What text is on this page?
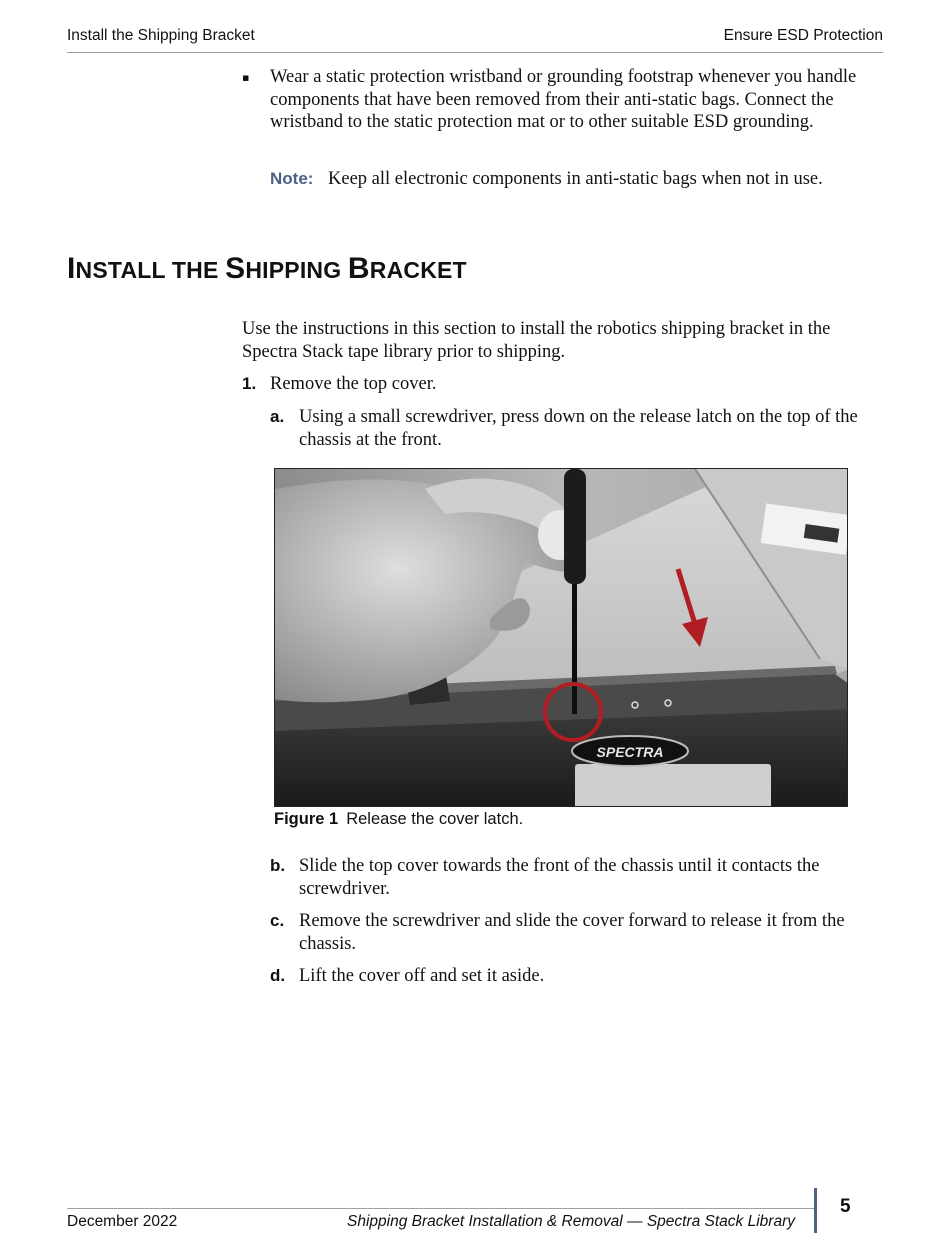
Install the Shipping Bracket	Ensure ESD Protection
▪ Wear a static protection wristband or grounding footstrap whenever you handle components that have been removed from their anti-static bags. Connect the wristband to the static protection mat or to other suitable ESD grounding.
Note: Keep all electronic components in anti-static bags when not in use.
INSTALL THE SHIPPING BRACKET
Use the instructions in this section to install the robotics shipping bracket in the Spectra Stack tape library prior to shipping.
1. Remove the top cover.
a. Using a small screwdriver, press down on the release latch on the top of the chassis at the front.
SPECTRA
Figure 1 Release the cover latch.
b. Slide the top cover towards the front of the chassis until it contacts the screwdriver.
c. Remove the screwdriver and slide the cover forward to release it from the chassis.
d. Lift the cover off and set it aside.
December 2022	Shipping Bracket Installation & Removal — Spectra Stack Library
5
